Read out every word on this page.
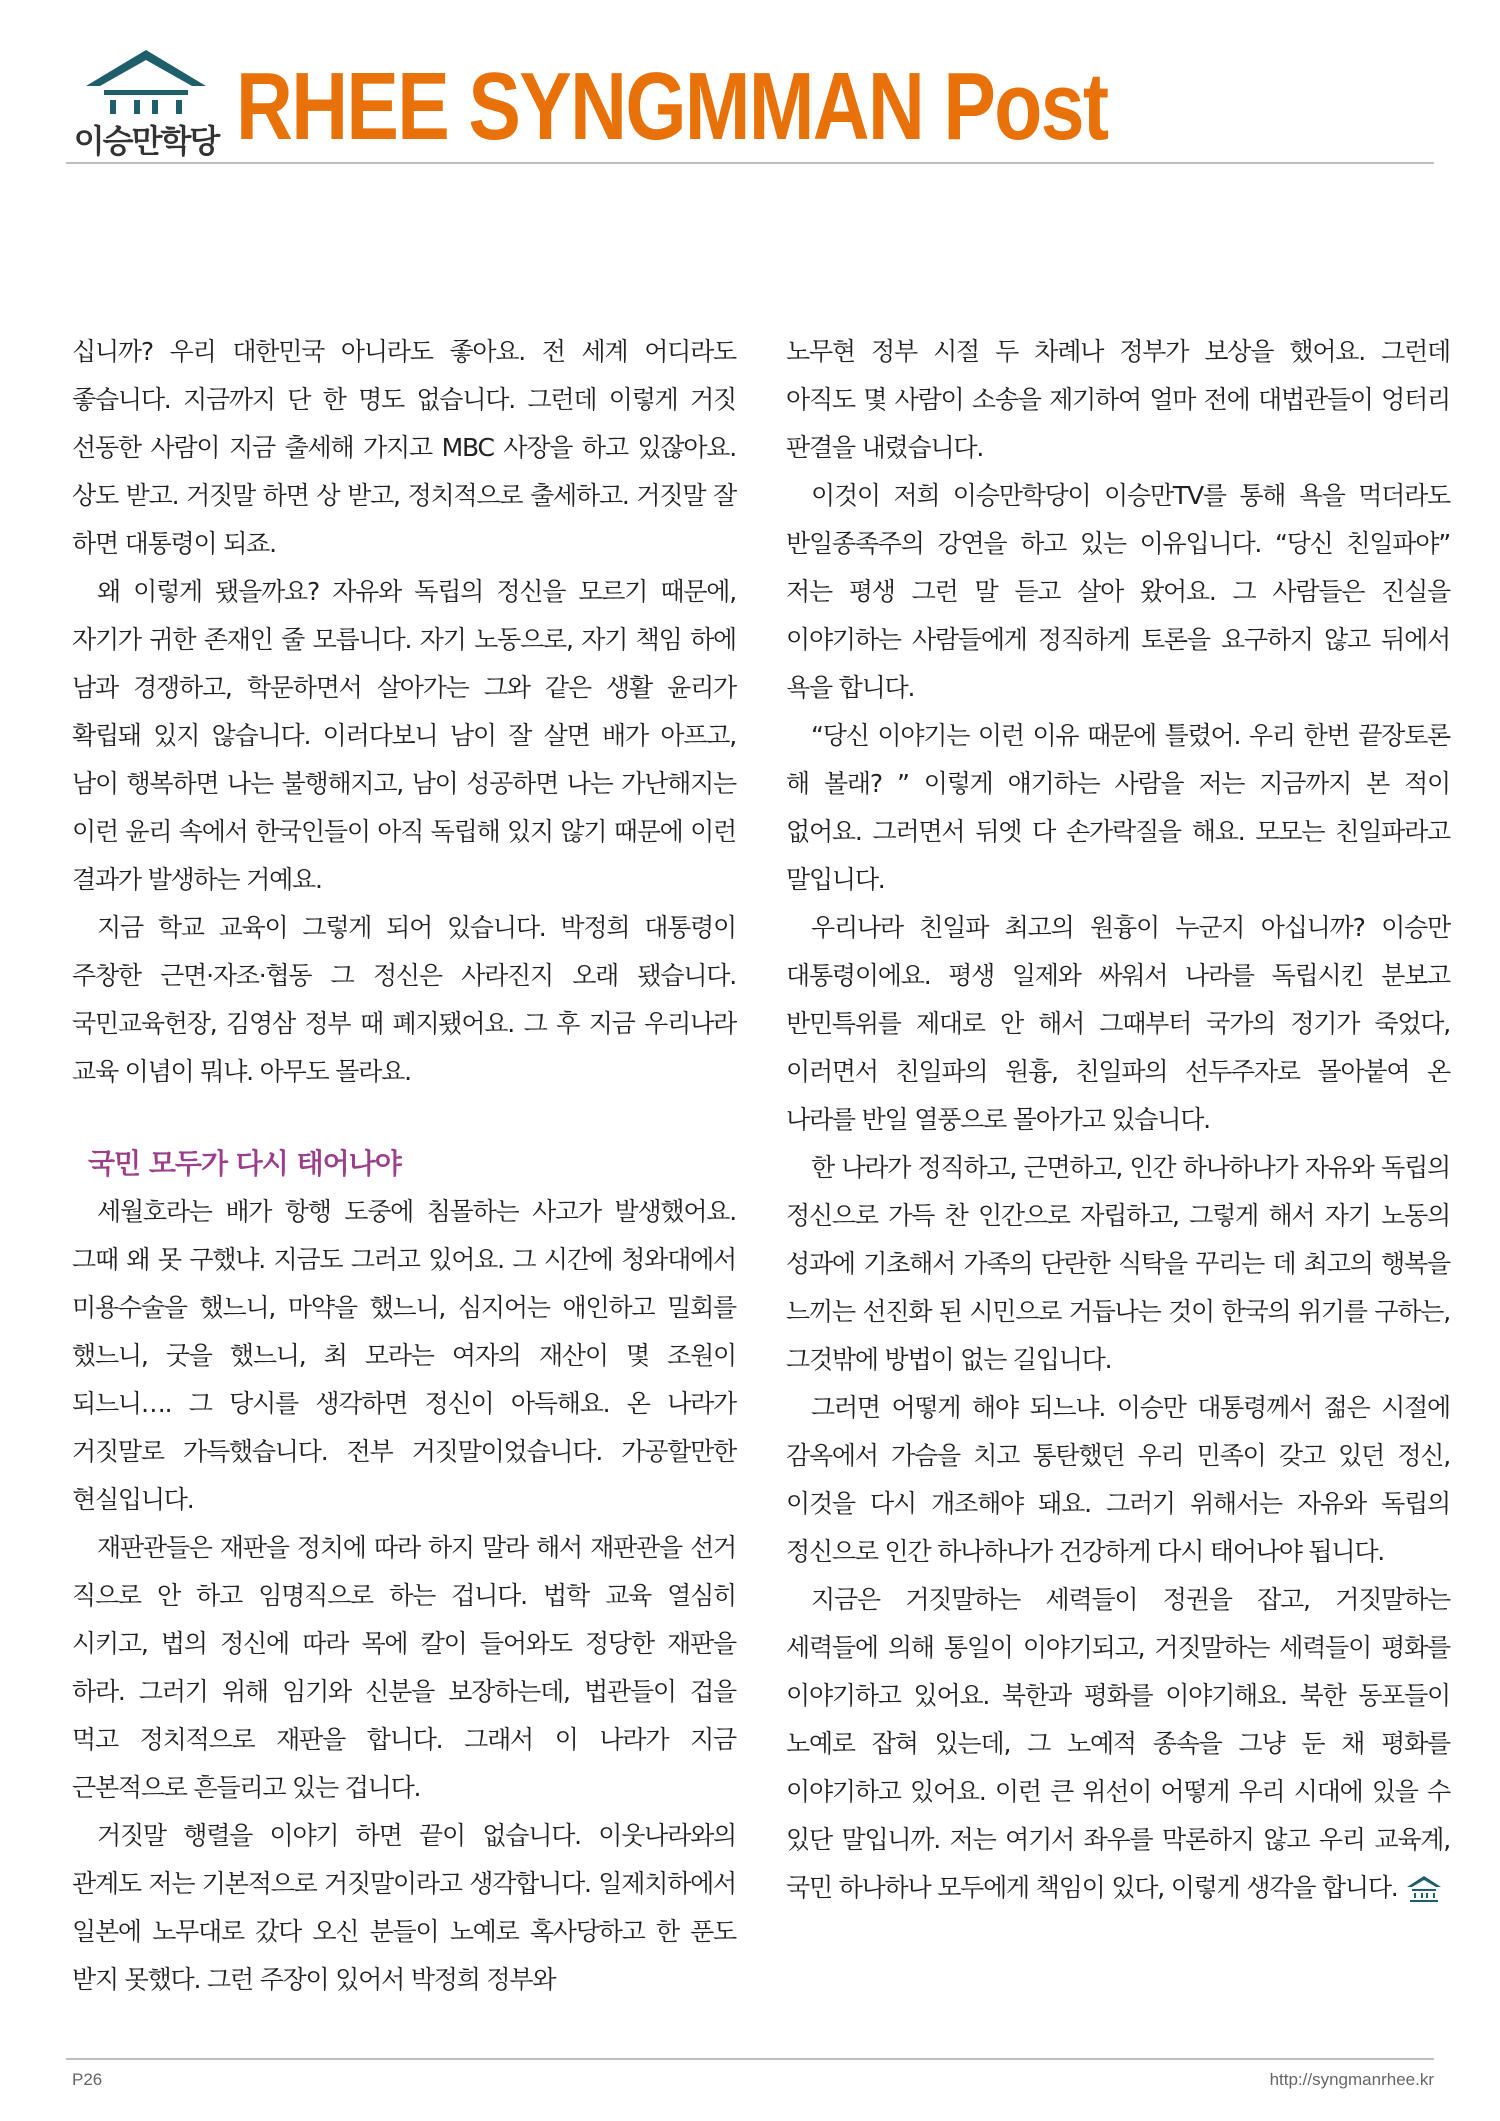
이승만학당 RHEE SYNGMMAN Post

십니까? 우리 대한민국 아니라도 좋아요. 전 세계 어디라도 좋습니다. 지금까지 단 한 명도 없습니다. 그런데 이렇게 거짓 선동한 사람이 지금 출세해 가지고 MBC 사장을 하고 있잖아요. 상도 받고. 거짓말 하면 상 받고, 정치적으로 출세하고. 거짓말 잘 하면 대통령이 되죠.

왜 이렇게 됐을까요? 자유와 독립의 정신을 모르기 때문에, 자기가 귀한 존재인 줄 모릅니다. 자기 노동으로, 자기 책임 하에 남과 경쟁하고, 학문하면서 살아가는 그와 같은 생활 윤리가 확립돼 있지 않습니다. 이러다보니 남이 잘 살면 배가 아프고, 남이 행복하면 나는 불행해지고, 남이 성공하면 나는 가난해지는 이런 윤리 속에서 한국인들이 아직 독립해 있지 않기 때문에 이런 결과가 발생하는 거예요.

지금 학교 교육이 그렇게 되어 있습니다. 박정희 대통령이 주창한 근면·자조·협동 그 정신은 사라진지 오래 됐습니다. 국민교육헌장, 김영삼 정부 때 폐지됐어요. 그 후 지금 우리나라 교육 이념이 뭐냐. 아무도 몰라요.

국민 모두가 다시 태어나야

세월호라는 배가 항행 도중에 침몰하는 사고가 발생했어요. 그때 왜 못 구했냐. 지금도 그러고 있어요. 그 시간에 청와대에서 미용수술을 했느니, 마약을 했느니, 심지어는 애인하고 밀회를 했느니, 굿을 했느니, 최 모라는 여자의 재산이 몇 조원이 되느니…. 그 당시를 생각하면 정신이 아득해요. 온 나라가 거짓말로 가득했습니다. 전부 거짓말이었습니다. 가공할만한 현실입니다.

재판관들은 재판을 정치에 따라 하지 말라 해서 재판관을 선거 직으로 안 하고 임명직으로 하는 겁니다. 법학 교육 열심히 시키고, 법의 정신에 따라 목에 칼이 들어와도 정당한 재판을 하라. 그러기 위해 임기와 신분을 보장하는데, 법관들이 겁을 먹고 정치적으로 재판을 합니다. 그래서 이 나라가 지금 근본적으로 흔들리고 있는 겁니다.

거짓말 행렬을 이야기 하면 끝이 없습니다. 이웃나라와의 관계도 저는 기본적으로 거짓말이라고 생각합니다. 일제치하에서 일본에 노무대로 갔다 오신 분들이 노예로 혹사당하고 한 푼도 받지 못했다. 그런 주장이 있어서 박정희 정부와

노무현 정부 시절 두 차례나 정부가 보상을 했어요. 그런데 아직도 몇 사람이 소송을 제기하여 얼마 전에 대법관들이 엉터리 판결을 내렸습니다.

이것이 저희 이승만학당이 이승만TV를 통해 욕을 먹더라도 반일종족주의 강연을 하고 있는 이유입니다. “당신 친일파야” 저는 평생 그런 말 듣고 살아 왔어요. 그 사람들은 진실을 이야기하는 사람들에게 정직하게 토론을 요구하지 않고 뒤에서 욕을 합니다.

“당신 이야기는 이런 이유 때문에 틀렸어. 우리 한번 끝장토론 해 볼래? ” 이렇게 얘기하는 사람을 저는 지금까지 본 적이 없어요. 그러면서 뒤엣 다 손가락질을 해요. 모모는 친일파라고 말입니다.

우리나라 친일파 최고의 원흉이 누군지 아십니까? 이승만 대통령이에요. 평생 일제와 싸워서 나라를 독립시킨 분보고 반민특위를 제대로 안 해서 그때부터 국가의 정기가 죽었다, 이러면서 친일파의 원흉, 친일파의 선두주자로 몰아붙여 온 나라를 반일 열풍으로 몰아가고 있습니다.

한 나라가 정직하고, 근면하고, 인간 하나하나가 자유와 독립의 정신으로 가득 찬 인간으로 자립하고, 그렇게 해서 자기 노동의 성과에 기초해서 가족의 단란한 식탁을 꾸리는 데 최고의 행복을 느끼는 선진화 된 시민으로 거듭나는 것이 한국의 위기를 구하는, 그것밖에 방법이 없는 길입니다.

그러면 어떻게 해야 되느냐. 이승만 대통령께서 젊은 시절에 감옥에서 가슴을 치고 통탄했던 우리 민족이 갖고 있던 정신, 이것을 다시 개조해야 돼요. 그러기 위해서는 자유와 독립의 정신으로 인간 하나하나가 건강하게 다시 태어나야 됩니다.

지금은 거짓말하는 세력들이 정권을 잡고, 거짓말하는 세력들에 의해 통일이 이야기되고, 거짓말하는 세력들이 평화를 이야기하고 있어요. 북한과 평화를 이야기해요. 북한 동포들이 노예로 잡혀 있는데, 그 노예적 종속을 그냥 둔 채 평화를 이야기하고 있어요. 이런 큰 위선이 어떻게 우리 시대에 있을 수 있단 말입니까. 저는 여기서 좌우를 막론하지 않고 우리 교육계, 국민 하나하나 모두에게 책임이 있다, 이렇게 생각을 합니다.

P26	http://syngmanrhee.kr
